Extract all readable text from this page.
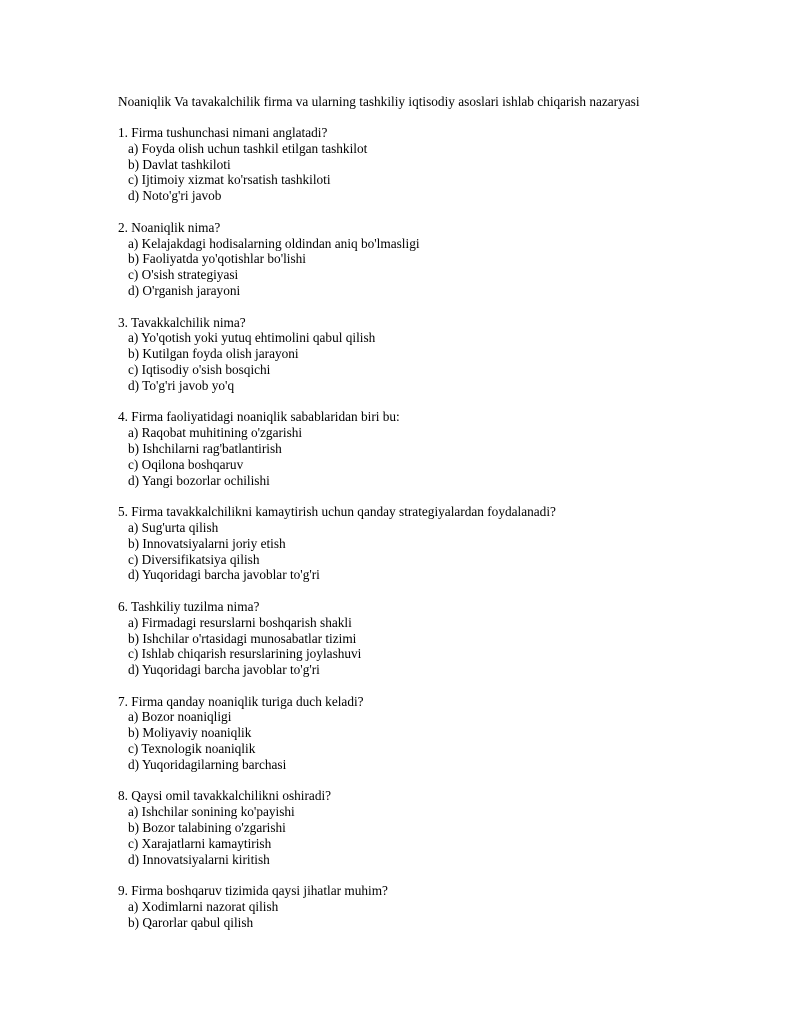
Noaniqlik Va tavakalchilik firma va ularning tashkiliy iqtisodiy asoslari ishlab chiqarish nazaryasi
1. Firma tushunchasi nimani anglatadi?
a) Foyda olish uchun tashkil etilgan tashkilot
b) Davlat tashkiloti
c) Ijtimoiy xizmat ko'rsatish tashkiloti
d) Noto'g'ri javob
2. Noaniqlik nima?
a) Kelajakdagi hodisalarning oldindan aniq bo'lmasligi
b) Faoliyatda yo'qotishlar bo'lishi
c) O'sish strategiyasi
d) O'rganish jarayoni
3. Tavakkalchilik nima?
a) Yo'qotish yoki yutuq ehtimolini qabul qilish
b) Kutilgan foyda olish jarayoni
c) Iqtisodiy o'sish bosqichi
d) To'g'ri javob yo'q
4. Firma faoliyatidagi noaniqlik sabablaridan biri bu:
a) Raqobat muhitining o'zgarishi
b) Ishchilarni rag'batlantirish
c) Oqilona boshqaruv
d) Yangi bozorlar ochilishi
5. Firma tavakkalchilikni kamaytirish uchun qanday strategiyalardan foydalanadi?
a) Sug'urta qilish
b) Innovatsiyalarni joriy etish
c) Diversifikatsiya qilish
d) Yuqoridagi barcha javoblar to'g'ri
6. Tashkiliy tuzilma nima?
a) Firmadagi resurslarni boshqarish shakli
b) Ishchilar o'rtasidagi munosabatlar tizimi
c) Ishlab chiqarish resurslarining joylashuvi
d) Yuqoridagi barcha javoblar to'g'ri
7. Firma qanday noaniqlik turiga duch keladi?
a) Bozor noaniqligi
b) Moliyaviy noaniqlik
c) Texnologik noaniqlik
d) Yuqoridagilarning barchasi
8. Qaysi omil tavakkalchilikni oshiradi?
a) Ishchilar sonining ko'payishi
b) Bozor talabining o'zgarishi
c) Xarajatlarni kamaytirish
d) Innovatsiyalarni kiritish
9. Firma boshqaruv tizimida qaysi jihatlar muhim?
a) Xodimlarni nazorat qilish
b) Qarorlar qabul qilish
